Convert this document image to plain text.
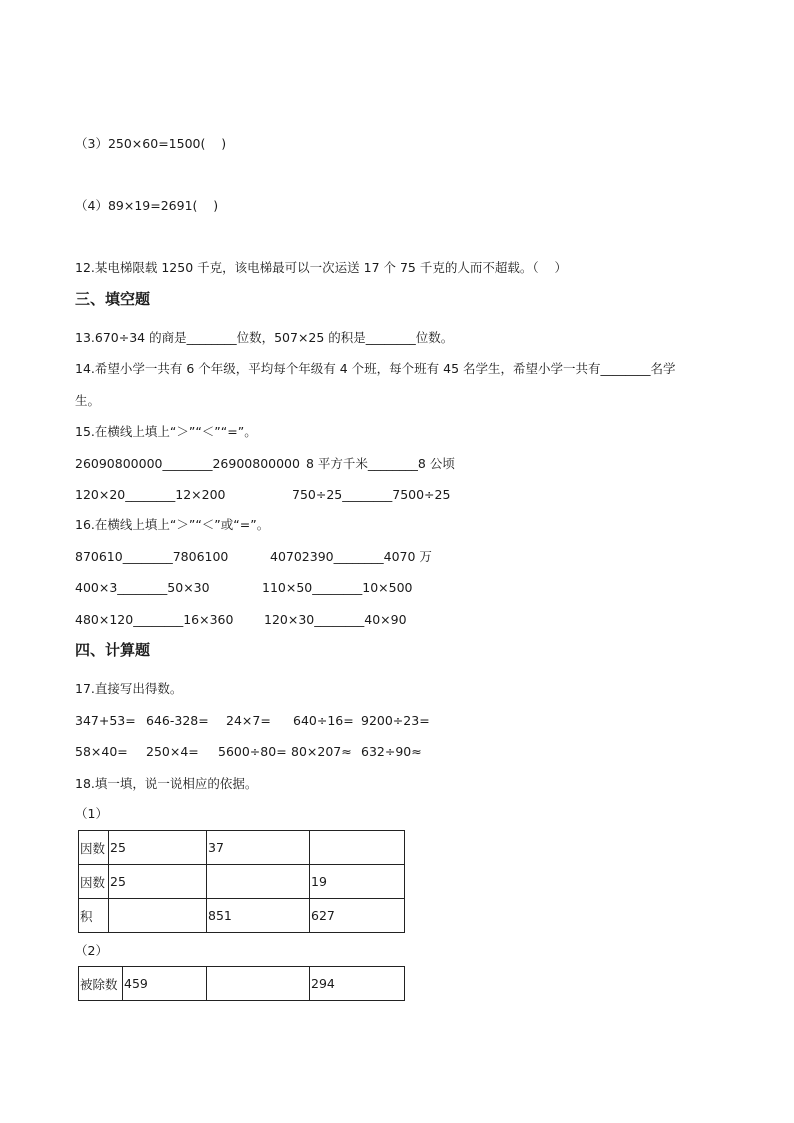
（3）250×60=1500(    )
（4）89×19=2691(    )
12.某电梯限载 1250 千克，该电梯最可以一次运送 17 个 75 千克的人而不超载。（    ）
三、填空题
13.670÷34 的商是________位数，507×25 的积是________位数。
14.希望小学一共有 6 个年级，平均每个年级有 4 个班，每个班有 45 名学生，希望小学一共有________名学
生。
15.在横线上填上“＞”“＜”“=”。
26090800000________26900800000 8 平方千米________8 公顷
120×20________12×200	750÷25________7500÷25
16.在横线上填上“＞”“＜”或“=”。
870610________7806100	40702390________4070 万
400×3________50×30	110×50________10×500
480×120________16×360 120×30________40×90
四、计算题
17.直接写出得数。
347+53= 646-328= 24×7= 640÷16= 9200÷23=
58×40= 250×4= 5600÷80= 80×207≈ 632÷90≈
18.填一填，说一说相应的依据。
（1）
因数	25	37	
因数	25		19
积		851	627
（2）
被除数	459		294
